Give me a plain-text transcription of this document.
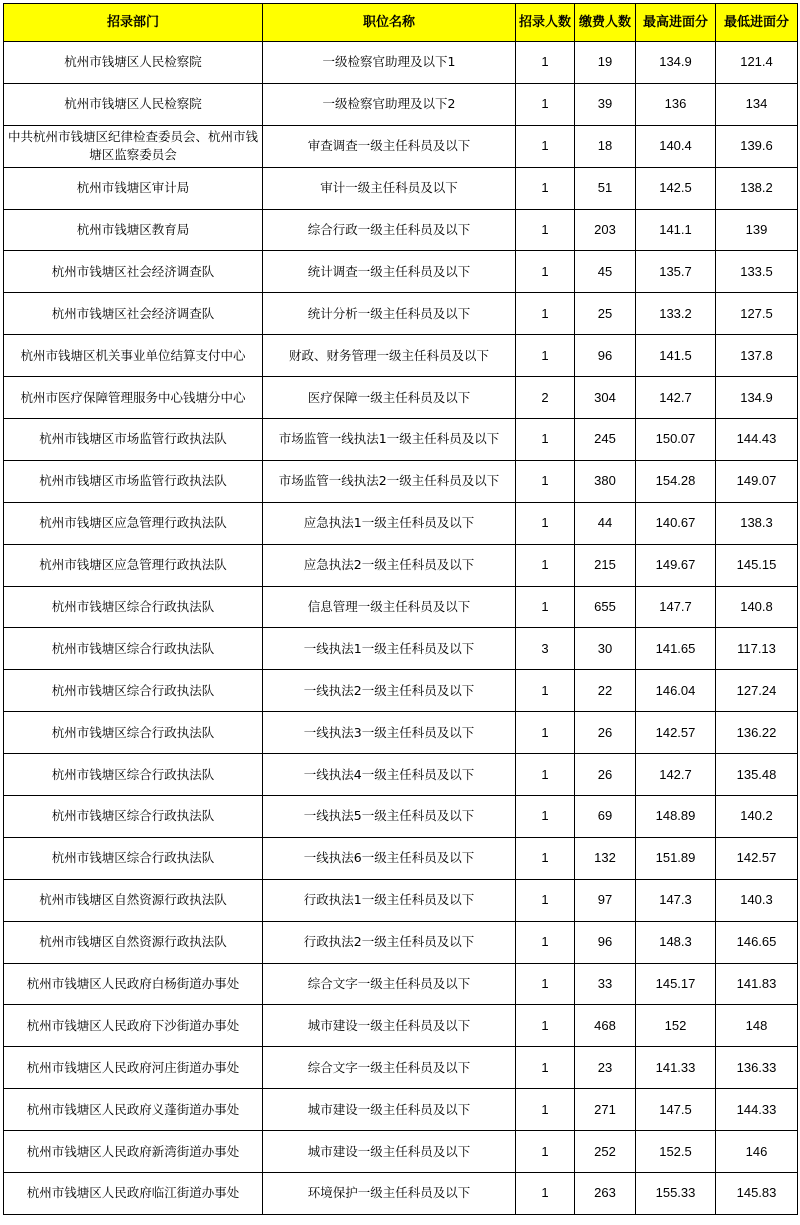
招录部门	职位名称	招录人数	缴费人数	最高进面分	最低进面分
杭州市钱塘区人民检察院	一级检察官助理及以下1	1	19	134.9	121.4
杭州市钱塘区人民检察院	一级检察官助理及以下2	1	39	136	134
中共杭州市钱塘区纪律检查委员会、杭州市钱塘区监察委员会	审查调查一级主任科员及以下	1	18	140.4	139.6
杭州市钱塘区审计局	审计一级主任科员及以下	1	51	142.5	138.2
杭州市钱塘区教育局	综合行政一级主任科员及以下	1	203	141.1	139
杭州市钱塘区社会经济调查队	统计调查一级主任科员及以下	1	45	135.7	133.5
杭州市钱塘区社会经济调查队	统计分析一级主任科员及以下	1	25	133.2	127.5
杭州市钱塘区机关事业单位结算支付中心	财政、财务管理一级主任科员及以下	1	96	141.5	137.8
杭州市医疗保障管理服务中心钱塘分中心	医疗保障一级主任科员及以下	2	304	142.7	134.9
杭州市钱塘区市场监管行政执法队	市场监管一线执法1一级主任科员及以下	1	245	150.07	144.43
杭州市钱塘区市场监管行政执法队	市场监管一线执法2一级主任科员及以下	1	380	154.28	149.07
杭州市钱塘区应急管理行政执法队	应急执法1一级主任科员及以下	1	44	140.67	138.3
杭州市钱塘区应急管理行政执法队	应急执法2一级主任科员及以下	1	215	149.67	145.15
杭州市钱塘区综合行政执法队	信息管理一级主任科员及以下	1	655	147.7	140.8
杭州市钱塘区综合行政执法队	一线执法1一级主任科员及以下	3	30	141.65	117.13
杭州市钱塘区综合行政执法队	一线执法2一级主任科员及以下	1	22	146.04	127.24
杭州市钱塘区综合行政执法队	一线执法3一级主任科员及以下	1	26	142.57	136.22
杭州市钱塘区综合行政执法队	一线执法4一级主任科员及以下	1	26	142.7	135.48
杭州市钱塘区综合行政执法队	一线执法5一级主任科员及以下	1	69	148.89	140.2
杭州市钱塘区综合行政执法队	一线执法6一级主任科员及以下	1	132	151.89	142.57
杭州市钱塘区自然资源行政执法队	行政执法1一级主任科员及以下	1	97	147.3	140.3
杭州市钱塘区自然资源行政执法队	行政执法2一级主任科员及以下	1	96	148.3	146.65
杭州市钱塘区人民政府白杨街道办事处	综合文字一级主任科员及以下	1	33	145.17	141.83
杭州市钱塘区人民政府下沙街道办事处	城市建设一级主任科员及以下	1	468	152	148
杭州市钱塘区人民政府河庄街道办事处	综合文字一级主任科员及以下	1	23	141.33	136.33
杭州市钱塘区人民政府义蓬街道办事处	城市建设一级主任科员及以下	1	271	147.5	144.33
杭州市钱塘区人民政府新湾街道办事处	城市建设一级主任科员及以下	1	252	152.5	146
杭州市钱塘区人民政府临江街道办事处	环境保护一级主任科员及以下	1	263	155.33	145.83
